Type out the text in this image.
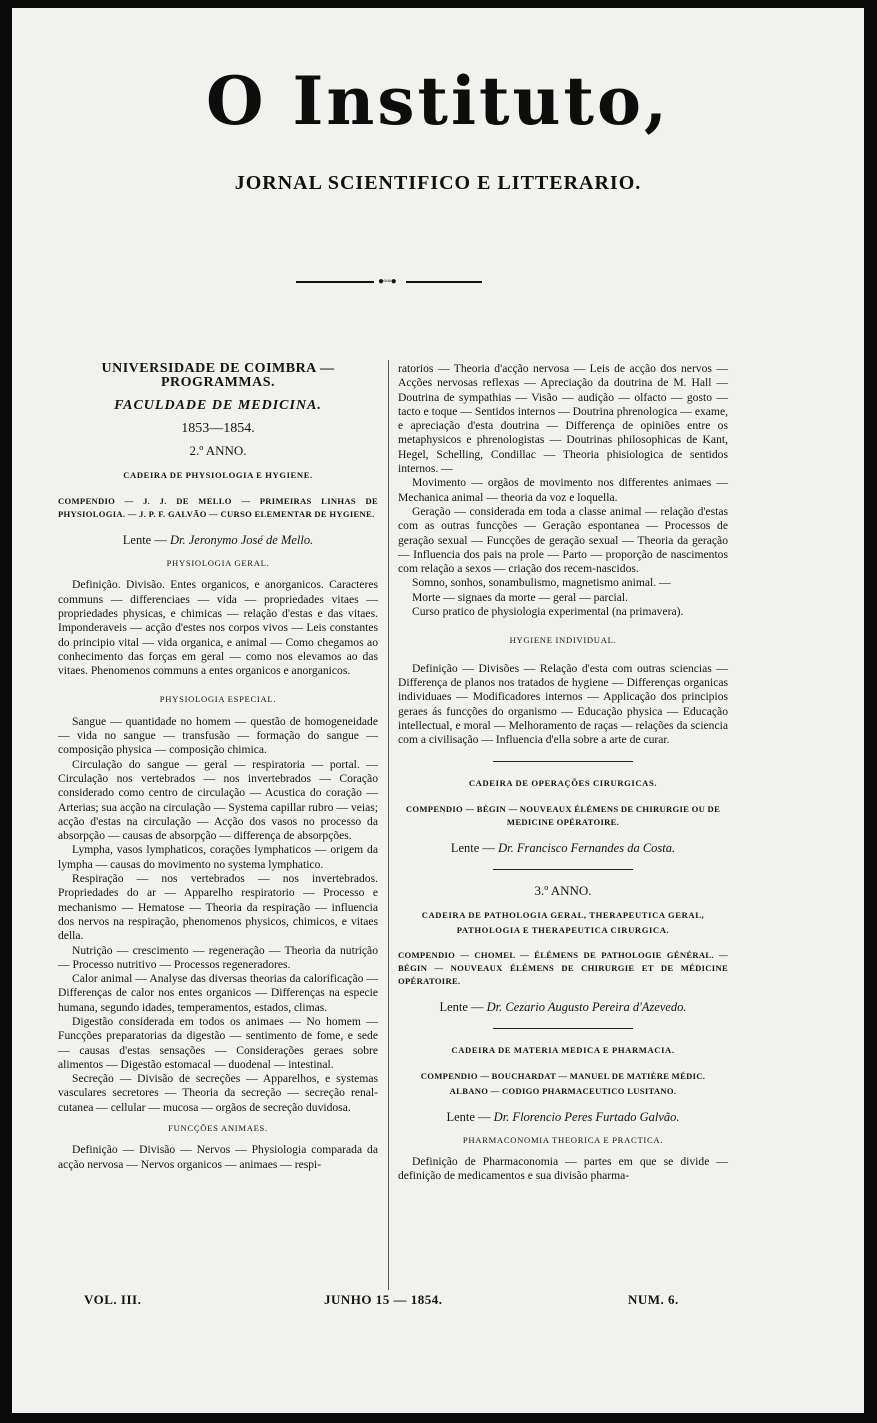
O Instituto,
JORNAL SCIENTIFICO E LITTERARIO.
●◦◦◦●
UNIVERSIDADE DE COIMBRA — PROGRAMMAS.
FACULDADE DE MEDICINA.
1853—1854.
2.º ANNO.
CADEIRA DE PHYSIOLOGIA E HYGIENE.
COMPENDIO — J. J. DE MELLO — PRIMEIRAS LINHAS DE PHYSIOLOGIA. — J. P. F. GALVÃO — CURSO ELEMENTAR DE HYGIENE.
Lente — Dr. Jeronymo José de Mello.
PHYSIOLOGIA GERAL.

Definição. Divisão. Entes organicos, e anorganicos. Caracteres communs — differenciaes — vida — propriedades vitaes — propriedades physicas, e chimicas — relação d'estas e das vitaes. Imponderaveis — acção d'estes nos corpos vivos — Leis constantes do principio vital — vida organica, e animal — Como chegamos ao conhecimento das forças em geral — como nos elevamos ao das vitaes. Phenomenos communs a entes organicos e anorganicos.

PHYSIOLOGIA ESPECIAL.

Sangue — quantidade no homem — questão de homogeneidade — vida no sangue — transfusão — formação do sangue — composição physica — composição chimica.

Circulação do sangue — geral — respiratoria — portal. — Circulação nos vertebrados — nos invertebrados — Coração considerado como centro de circulação — Acustica do coração — Arterias; sua acção na circulação — Systema capillar rubro — veias; acção d'estas na circulação — Acção dos vasos no processo da absorpção — causas de absorpção — differença de absorpções.

Lympha, vasos lymphaticos, corações lymphaticos — origem da lympha — causas do movimento no systema lymphatico.

Respiração — nos vertebrados — nos invertebrados. Propriedades do ar — Apparelho respiratorio — Processo e mechanismo — Hematose — Theoria da respiração — influencia dos nervos na respiração, phenomenos physicos, chimicos, e vitaes della.

Nutrição — crescimento — regeneração — Theoria da nutrição — Processo nutritivo — Processos regeneradores.

Calor animal — Analyse das diversas theorias da calorificação — Differenças de calor nos entes organicos — Differenças na especie humana, segundo idades, temperamentos, estados, climas.

Digestão considerada em todos os animaes — No homem — Funcções preparatorias da digestão — sentimento de fome, e sede — causas d'estas sensações — Considerações geraes sobre alimentos — Digestão estomacal — duodenal — intestinal.

Secreção — Divisão de secreções — Apparelhos, e systemas vasculares secretores — Theoria da secreção — secreção renal-cutanea — cellular — mucosa — orgãos de secreção duvidosa.

FUNCÇÕES ANIMAES.

Definição — Divisão — Nervos — Physiologia comparada da acção nervosa — Nervos organicos — animaes — respi-

ratorios — Theoria d'acção nervosa — Leis de acção dos nervos — Acções nervosas reflexas — Apreciação da doutrina de M. Hall — Doutrina de sympathias — Visão — audição — olfacto — gosto — tacto e toque — Sentidos internos — Doutrina phrenologica — exame, e apreciação d'esta doutrina — Differença de opiniões entre os metaphysicos e phrenologistas — Doutrinas philosophicas de Kant, Hegel, Schelling, Condillac — Theoria phisiologica de sentidos internos. —

Movimento — orgãos de movimento nos differentes animaes — Mechanica animal — theoria da voz e loquella.

Geração — considerada em toda a classe animal — relação d'estas com as outras funcções — Geração espontanea — Processos de geração sexual — Funcções de geração sexual — Theoria da geração — Influencia dos pais na prole — Parto — proporção de nascimentos com relação a sexos — criação dos recem-nascidos.

Somno, sonhos, sonambulismo, magnetismo animal. —

Morte — signaes da morte — geral — parcial.

Curso pratico de physiologia experimental (na primavera).

HYGIENE INDIVIDUAL.

Definição — Divisões — Relação d'esta com outras sciencias — Differença de planos nos tratados de hygiene — Differenças organicas individuaes — Modificadores internos — Applicação dos principios geraes ás funcções do organismo — Educação physica — Educação intellectual, e moral — Melhoramento de raças — relações da sciencia com a civilisação — Influencia d'ella sobre a arte de curar.

CADEIRA DE OPERAÇÕES CIRURGICAS.
COMPENDIO — BÉGIN — NOUVEAUX ÉLÉMENS DE CHIRURGIE OU DE MEDICINE OPÉRATOIRE.
Lente — Dr. Francisco Fernandes da Costa.
3.º ANNO.
CADEIRA DE PATHOLOGIA GERAL, THERAPEUTICA GERAL, PATHOLOGIA E THERAPEUTICA CIRURGICA.
COMPENDIO — CHOMEL — ÉLÉMENS DE PATHOLOGIE GÉNÉRAL. — BÉGIN — NOUVEAUX ÉLÉMENS DE CHIRURGIE ET DE MÉDICINE OPÉRATOIRE.
Lente — Dr. Cezario Augusto Pereira d'Azevedo.
CADEIRA DE MATERIA MEDICA E PHARMACIA.
COMPENDIO — BOUCHARDAT — MANUEL DE MATIÈRE MÉDIC.
ALBANO — CODIGO PHARMACEUTICO LUSITANO.
Lente — Dr. Florencio Peres Furtado Galvão.
PHARMACONOMIA THEORICA E PRACTICA.

Definição de Pharmaconomia — partes em que se divide — definição de medicamentos e sua divisão pharma-

VOL. III.	JUNHO 15 — 1854.	NUM. 6.
